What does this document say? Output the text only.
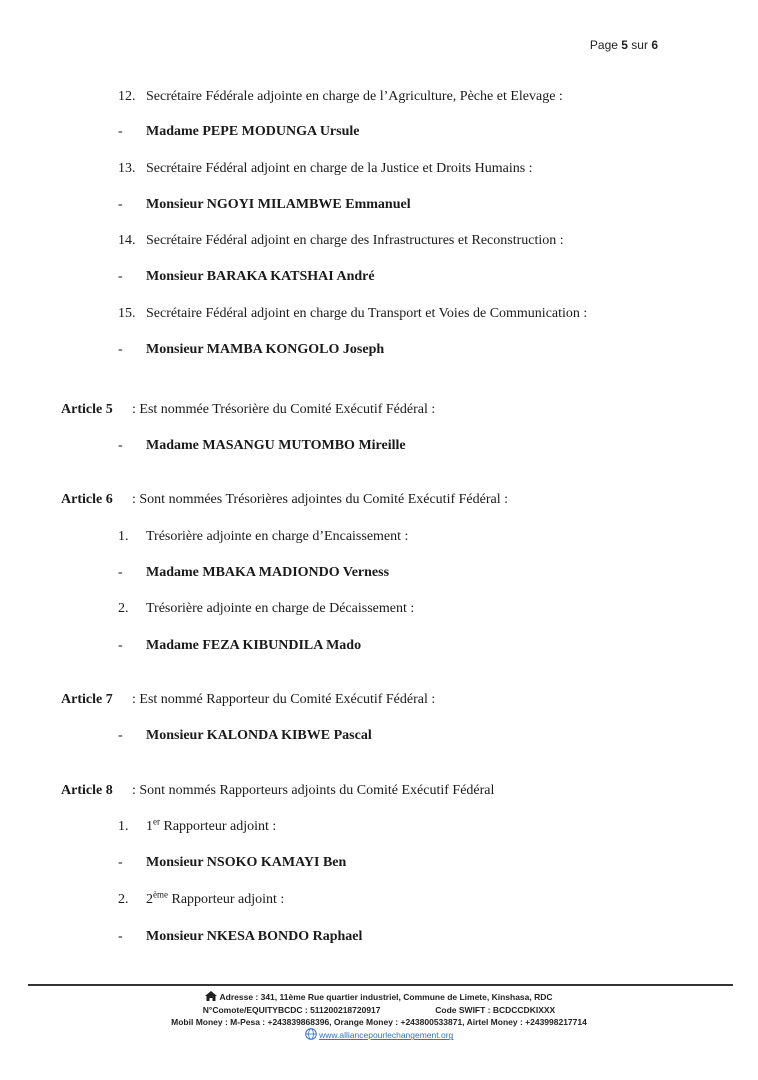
Page 5 sur 6
12. Secrétaire Fédérale adjointe en charge de l’Agriculture, Pèche et Elevage :
- Madame PEPE MODUNGA Ursule
13. Secrétaire Fédéral adjoint en charge de la Justice et Droits Humains :
- Monsieur NGOYI MILAMBWE Emmanuel
14. Secrétaire Fédéral adjoint en charge des Infrastructures et Reconstruction :
- Monsieur BARAKA KATSHAI André
15. Secrétaire Fédéral adjoint en charge du Transport et Voies de Communication :
- Monsieur MAMBA KONGOLO Joseph
Article 5 : Est nommée Trésorière du Comité Exécutif Fédéral :
- Madame MASANGU MUTOMBO Mireille
Article 6 : Sont nommées Trésorières adjointes du Comité Exécutif Fédéral :
1. Trésorière adjointe en charge d’Encaissement :
- Madame MBAKA MADIONDO Verness
2. Trésorière adjointe en charge de Décaissement :
- Madame FEZA KIBUNDILA Mado
Article 7 : Est nommé Rapporteur du Comité Exécutif Fédéral :
- Monsieur KALONDA KIBWE Pascal
Article 8 : Sont nommés Rapporteurs adjoints du Comité Exécutif Fédéral
1. 1er Rapporteur adjoint :
- Monsieur NSOKO KAMAYI Ben
2. 2ème Rapporteur adjoint :
- Monsieur NKESA BONDO Raphael
Adresse : 341, 11ème Rue quartier industriel, Commune de Limete, Kinshasa, RDC
N°Comote/EQUITYBCDC : 511200218720917	Code SWIFT : BCDCCDKIXXX
Mobil Money : M-Pesa : +243839868396, Orange Money : +243800533871, Airtel Money : +243998217714
www.alliancepourlechangement.org
